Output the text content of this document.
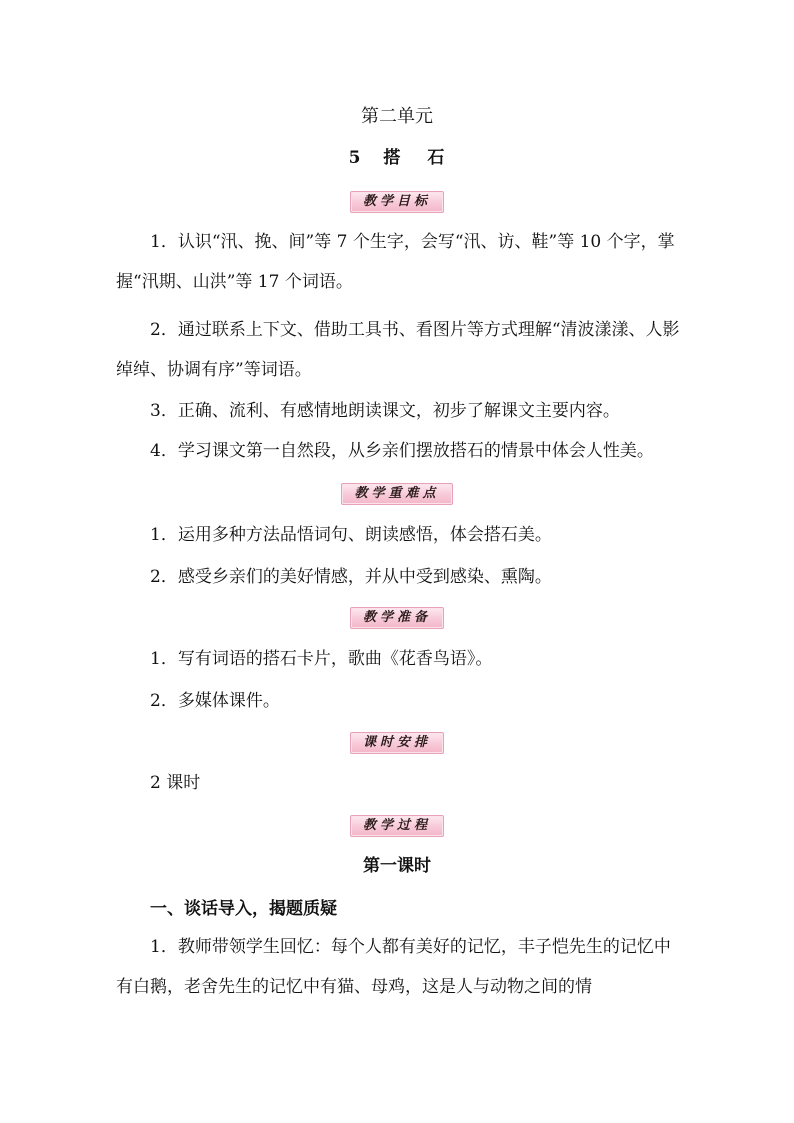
第二单元
5 搭 石
教学目标

1．认识“汛、挽、间”等 7 个生字，会写“汛、访、鞋”等 10 个字，掌握“汛期、山洪”等 17 个词语。

2．通过联系上下文、借助工具书、看图片等方式理解“清波漾漾、人影绰绰、协调有序”等词语。

3．正确、流利、有感情地朗读课文，初步了解课文主要内容。
4．学习课文第一自然段，从乡亲们摆放搭石的情景中体会人性美。
教学重难点
1．运用多种方法品悟词句、朗读感悟，体会搭石美。
2．感受乡亲们的美好情感，并从中受到感染、熏陶。
教学准备
1．写有词语的搭石卡片，歌曲《花香鸟语》。
2．多媒体课件。
课时安排
2 课时
教学过程
第一课时
一、谈话导入，揭题质疑

1．教师带领学生回忆：每个人都有美好的记忆，丰子恺先生的记忆中有白鹅，老舍先生的记忆中有猫、母鸡，这是人与动物之间的情
